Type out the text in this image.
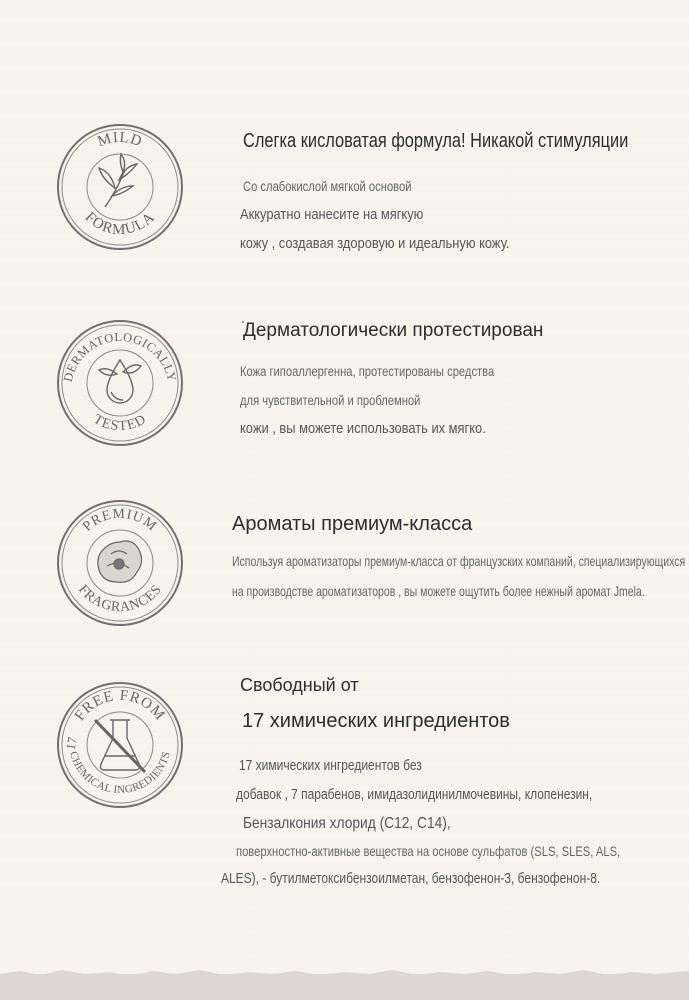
MILD
FORMULA
Слегка кисловатая формула! Никакой стимуляции
Со слабокислой мягкой основой
Аккуратно нанесите на мягкую
кожу , создавая здоровую и идеальную кожу.
DERMATOLOGICALLY
TESTED
.
Дерматологически протестирован
Кожа гипоаллергенна, протестированы средства
для чувствительной и проблемной
кожи , вы можете использовать их мягко.
PREMIUM
FRAGRANCES
Ароматы премиум-класса
Используя ароматизаторы премиум-класса от французских компаний, специализирующихся
на производстве ароматизаторов , вы можете ощутить более нежный аромат Jmela.
FREE FROM
CHEMICAL INGREDIENTS
17
Свободный от
17 химических ингредиентов
17 химических ингредиентов без
добавок , 7 парабенов, имидазолидинилмочевины, клопенезин,
Бензалкония хлорид (C12, C14),
поверхностно-активные вещества на основе сульфатов (SLS, SLES, ALS,
ALES), - бутилметоксибензоилметан, бензофенон-3, бензофенон-8.
